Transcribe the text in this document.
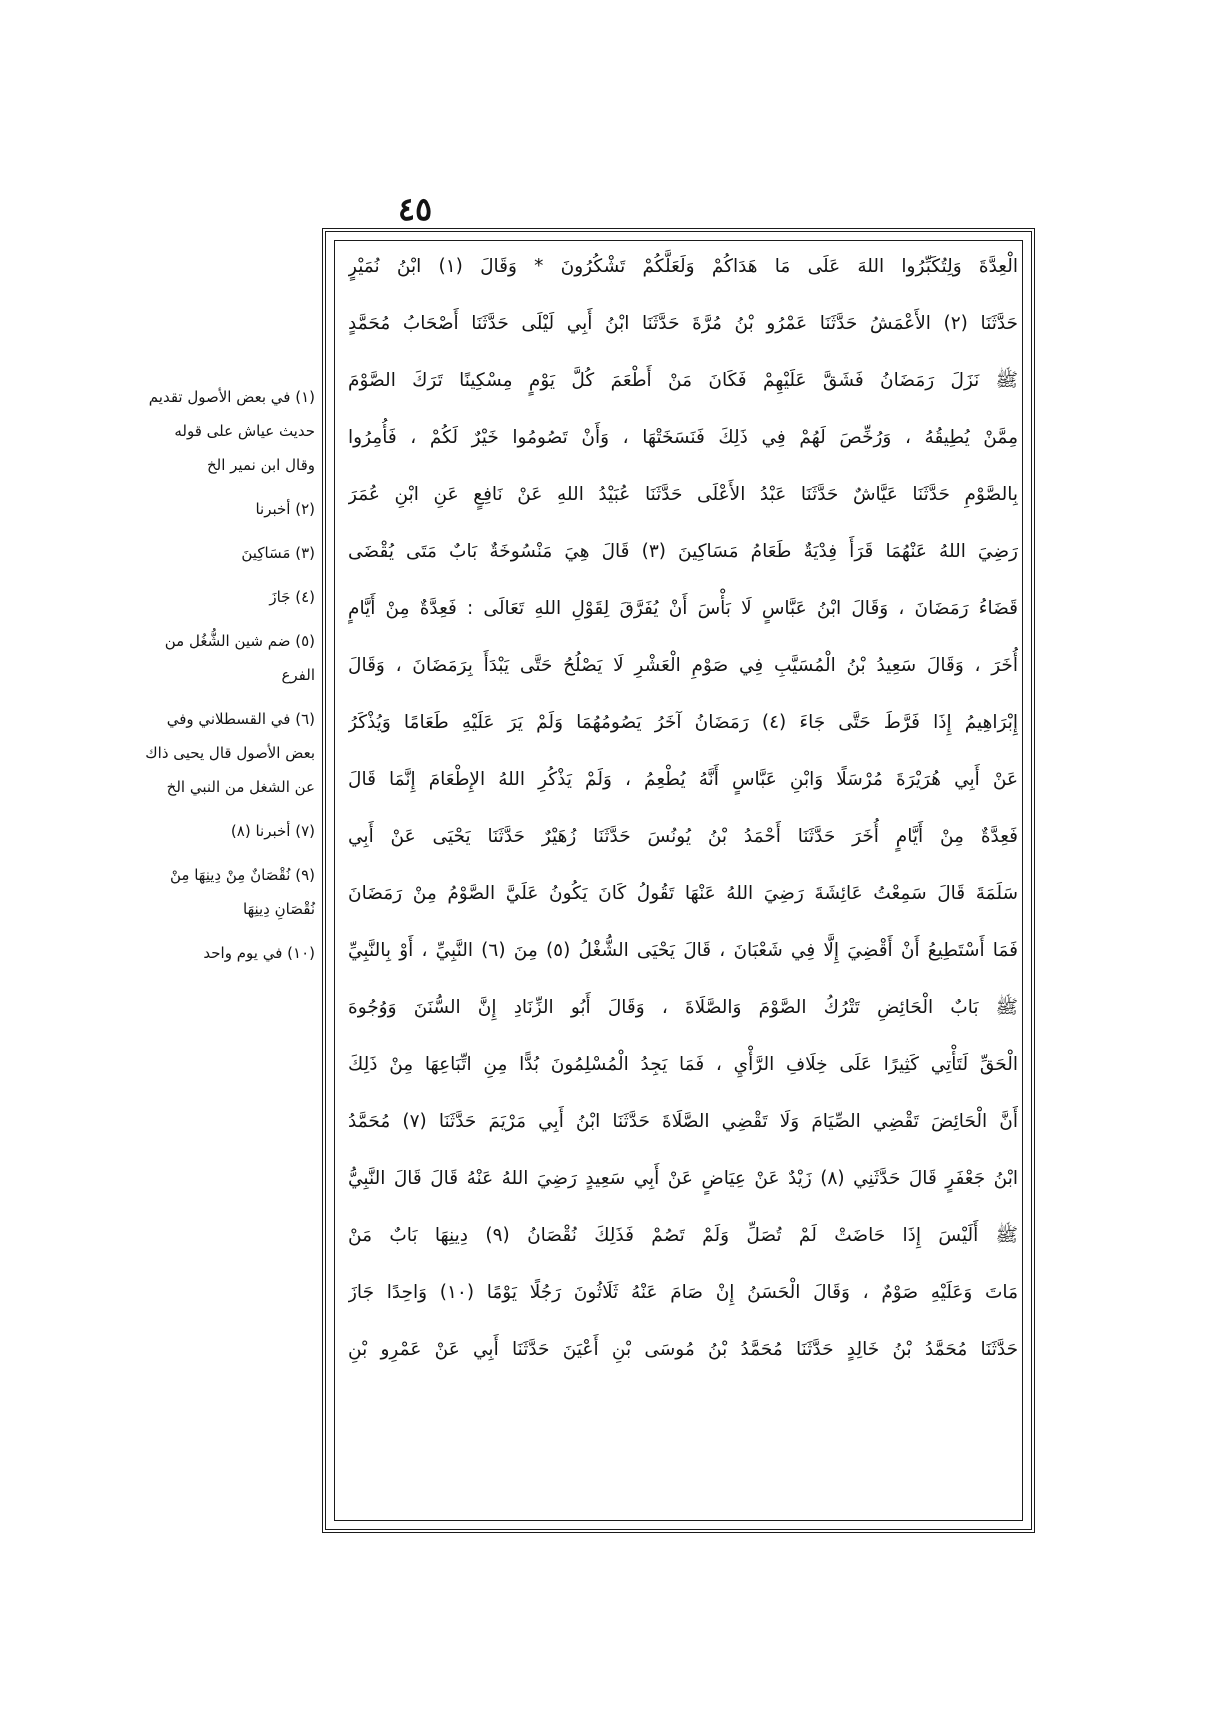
٤٥
الْعِدَّةَ وَلِتُكَبِّرُوا اللهَ عَلَى مَا هَدَاكُمْ وَلَعَلَّكُمْ تَشْكُرُونَ * وَقَالَ (١) ابْنُ نُمَيْرٍ
حَدَّثَنَا (٢) الأَعْمَشُ حَدَّثَنَا عَمْرُو بْنُ مُرَّةَ حَدَّثَنَا ابْنُ أَبِي لَيْلَى حَدَّثَنَا أَصْحَابُ مُحَمَّدٍ
ﷺ نَزَلَ رَمَضَانُ فَشَقَّ عَلَيْهِمْ فَكَانَ مَنْ أَطْعَمَ كُلَّ يَوْمٍ مِسْكِينًا تَرَكَ الصَّوْمَ
مِمَّنْ يُطِيقُهُ ، وَرُخِّصَ لَهُمْ فِي ذَلِكَ فَنَسَخَتْهَا ، وَأَنْ تَصُومُوا خَيْرٌ لَكُمْ ، فَأُمِرُوا
بِالصَّوْمِ حَدَّثَنَا عَيَّاشٌ حَدَّثَنَا عَبْدُ الأَعْلَى حَدَّثَنَا عُبَيْدُ اللهِ عَنْ نَافِعٍ عَنِ ابْنِ عُمَرَ
رَضِيَ اللهُ عَنْهُمَا قَرَأَ فِدْيَةٌ طَعَامُ مَسَاكِينَ (٣) قَالَ هِيَ مَنْسُوخَةٌ بَابٌ مَتَى يُقْضَى
قَضَاءُ رَمَضَانَ ، وَقَالَ ابْنُ عَبَّاسٍ لَا بَأْسَ أَنْ يُفَرَّقَ لِقَوْلِ اللهِ تَعَالَى : فَعِدَّةٌ مِنْ أَيَّامٍ
أُخَرَ ، وَقَالَ سَعِيدُ بْنُ الْمُسَيَّبِ فِي صَوْمِ الْعَشْرِ لَا يَصْلُحُ حَتَّى يَبْدَأَ بِرَمَضَانَ ، وَقَالَ
إِبْرَاهِيمُ إِذَا فَرَّطَ حَتَّى جَاءَ (٤) رَمَضَانُ آخَرُ يَصُومُهُمَا وَلَمْ يَرَ عَلَيْهِ طَعَامًا وَيُذْكَرُ
عَنْ أَبِي هُرَيْرَةَ مُرْسَلًا وَابْنِ عَبَّاسٍ أَنَّهُ يُطْعِمُ ، وَلَمْ يَذْكُرِ اللهُ الإِطْعَامَ إِنَّمَا قَالَ
فَعِدَّةٌ مِنْ أَيَّامٍ أُخَرَ حَدَّثَنَا أَحْمَدُ بْنُ يُونُسَ حَدَّثَنَا زُهَيْرٌ حَدَّثَنَا يَحْيَى عَنْ أَبِي
سَلَمَةَ قَالَ سَمِعْتُ عَائِشَةَ رَضِيَ اللهُ عَنْهَا تَقُولُ كَانَ يَكُونُ عَلَيَّ الصَّوْمُ مِنْ رَمَضَانَ
فَمَا أَسْتَطِيعُ أَنْ أَقْضِيَ إِلَّا فِي شَعْبَانَ ، قَالَ يَحْيَى الشُّغْلُ (٥) مِنَ (٦) النَّبِيِّ ، أَوْ بِالنَّبِيِّ
ﷺ بَابٌ الْحَائِضِ تَتْرُكُ الصَّوْمَ وَالصَّلَاةَ ، وَقَالَ أَبُو الزِّنَادِ إِنَّ السُّنَنَ وَوُجُوهَ
الْحَقِّ لَتَأْتِي كَثِيرًا عَلَى خِلَافِ الرَّأْيِ ، فَمَا يَجِدُ الْمُسْلِمُونَ بُدًّا مِنِ اتِّبَاعِهَا مِنْ ذَلِكَ
أَنَّ الْحَائِضَ تَقْضِي الصِّيَامَ وَلَا تَقْضِي الصَّلَاةَ حَدَّثَنَا ابْنُ أَبِي مَرْيَمَ حَدَّثَنَا (٧) مُحَمَّدُ
ابْنُ جَعْفَرٍ قَالَ حَدَّثَنِي (٨) زَيْدٌ عَنْ عِيَاضٍ عَنْ أَبِي سَعِيدٍ رَضِيَ اللهُ عَنْهُ قَالَ قَالَ النَّبِيُّ
ﷺ أَلَيْسَ إِذَا حَاضَتْ لَمْ تُصَلِّ وَلَمْ تَصُمْ فَذَلِكَ نُقْصَانُ (٩) دِينِهَا بَابٌ مَنْ
مَاتَ وَعَلَيْهِ صَوْمٌ ، وَقَالَ الْحَسَنُ إِنْ صَامَ عَنْهُ ثَلَاثُونَ رَجُلًا يَوْمًا (١٠) وَاحِدًا جَازَ
حَدَّثَنَا مُحَمَّدُ بْنُ خَالِدٍ حَدَّثَنَا مُحَمَّدُ بْنُ مُوسَى بْنِ أَعْيَنَ حَدَّثَنَا أَبِي عَنْ عَمْرِو بْنِ
(١) في بعض الأصول تقديم حديث عياش على قوله وقال ابن نمير الخ
(٢) أخبرنا
(٣) مَسَاكِينَ
(٤) جَازَ
(٥) ضم شين الشُّغُل من الفرع
(٦) في القسطلاني وفي بعض الأصول قال يحيى ذاك عن الشغل من النبي الخ
(٧) أخبرنا (٨)
(٩) نُقْصَانٌ مِنْ دِينِهَا مِنْ نُقْصَانِ دِينِهَا
(١٠) في يوم واحد
